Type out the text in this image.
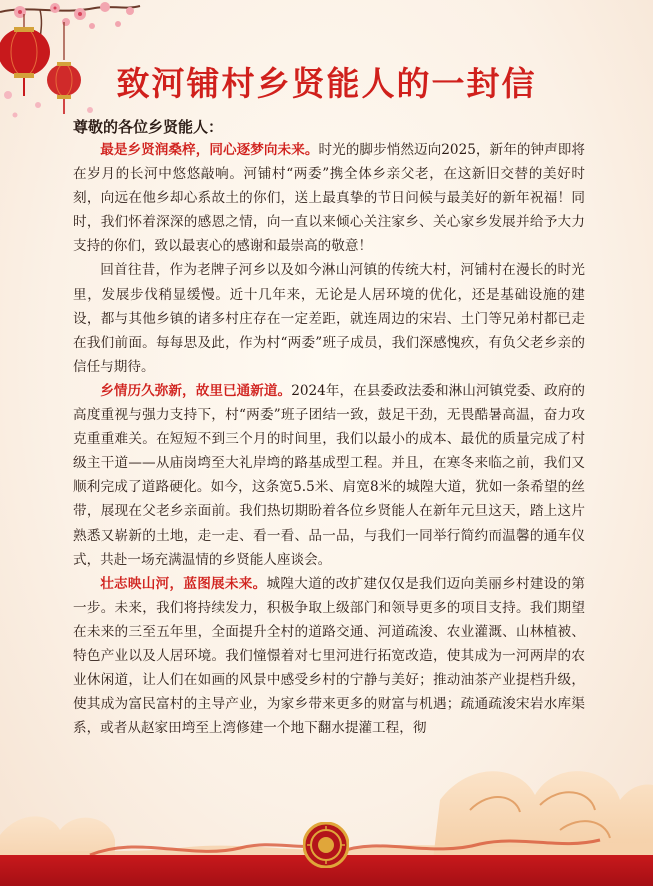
致河铺村乡贤能人的一封信
尊敬的各位乡贤能人：

最是乡贤润桑梓，同心逐梦向未来。时光的脚步悄然迈向2025，新年的钟声即将在岁月的长河中悠悠敲响。河铺村“两委”携全体乡亲父老，在这新旧交替的美好时刻，向远在他乡却心系故土的你们，送上最真挚的节日问候与最美好的新年祝福！同时，我们怀着深深的感恩之情，向一直以来倾心关注家乡、关心家乡发展并给予大力支持的你们，致以最衷心的感谢和最崇高的敬意！

回首往昔，作为老牌子河乡以及如今淋山河镇的传统大村，河铺村在漫长的时光里，发展步伐稍显缓慢。近十几年来，无论是人居环境的优化，还是基础设施的建设，都与其他乡镇的诸多村庄存在一定差距，就连周边的宋岩、土门等兄弟村都已走在我们前面。每每思及此，作为村“两委”班子成员，我们深感愧疚，有负父老乡亲的信任与期待。

乡情历久弥新，故里已通新道。2024年，在县委政法委和淋山河镇党委、政府的高度重视与强力支持下，村“两委”班子团结一致，鼓足干劲，无畏酷暑高温，奋力攻克重重难关。在短短不到三个月的时间里，我们以最小的成本、最优的质量完成了村级主干道——从庙岗塆至大礼岸塆的路基成型工程。并且，在寒冬来临之前，我们又顺利完成了道路硬化。如今，这条宽5.5米、肩宽8米的城隍大道，犹如一条希望的丝带，展现在父老乡亲面前。我们热切期盼着各位乡贤能人在新年元旦这天，踏上这片熟悉又崭新的土地，走一走、看一看、品一品，与我们一同举行简约而温馨的通车仪式，共赴一场充满温情的乡贤能人座谈会。

壮志映山河，蓝图展未来。城隍大道的改扩建仅仅是我们迈向美丽乡村建设的第一步。未来，我们将持续发力，积极争取上级部门和领导更多的项目支持。我们期望在未来的三至五年里，全面提升全村的道路交通、河道疏浚、农业灌溉、山林植被、特色产业以及人居环境。我们憧憬着对七里河进行拓宽改造，使其成为一河两岸的农业休闲道，让人们在如画的风景中感受乡村的宁静与美好；推动油茶产业提档升级，使其成为富民富村的主导产业，为家乡带来更多的财富与机遇；疏通疏浚宋岩水库渠系，或者从赵家田塆至上湾修建一个地下翻水提灌工程，彻
